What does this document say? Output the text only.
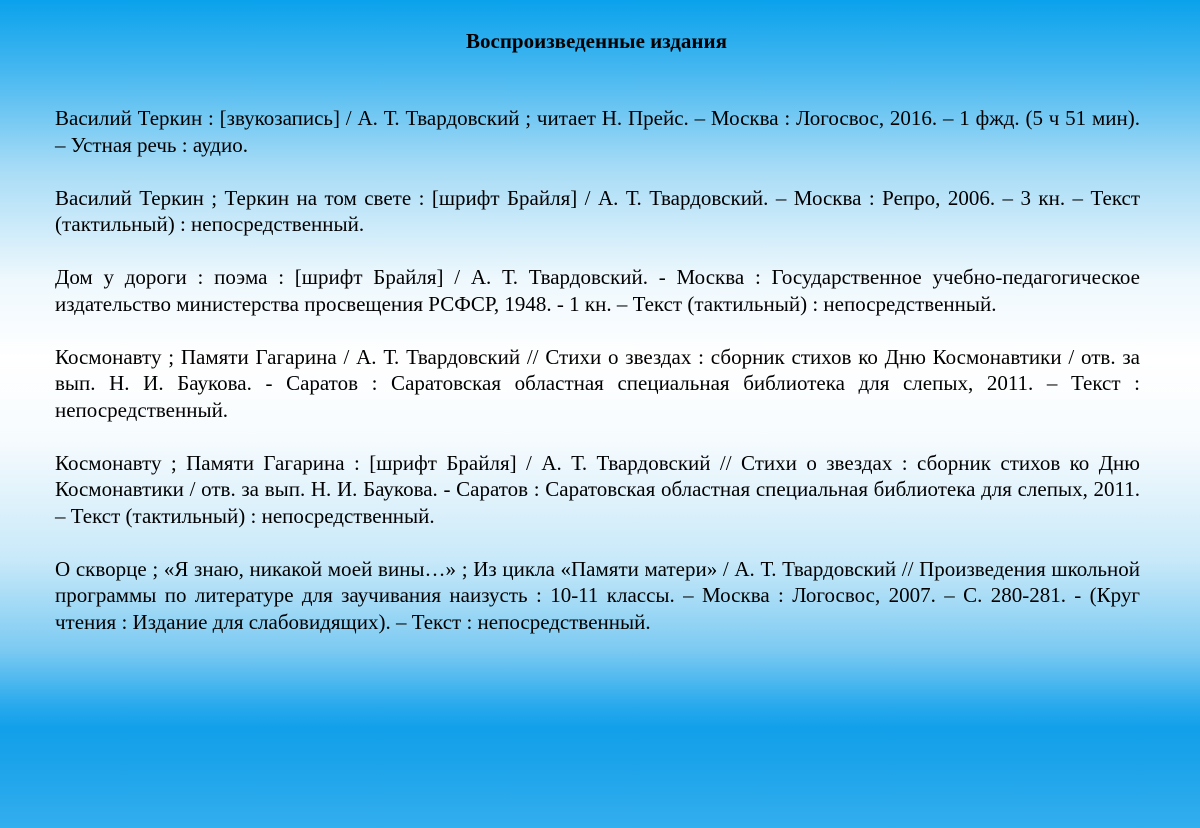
Воспроизведенные издания

Василий Теркин : [звукозапись] / А. Т. Твардовский ; читает Н. Прейс. – Москва : Логосвос, 2016. – 1 фжд. (5 ч 51 мин). – Устная речь : аудио.

Василий Теркин ; Теркин на том свете : [шрифт Брайля] / А. Т. Твардовский. – Москва : Репро, 2006. – 3 кн. – Текст (тактильный) : непосредственный.

Дом у дороги : поэма : [шрифт Брайля] / А. Т. Твардовский. - Москва : Государственное учебно-педагогическое издательство министерства просвещения РСФСР, 1948. - 1 кн. – Текст (тактильный) : непосредственный.

Космонавту ; Памяти Гагарина / А. Т. Твардовский // Стихи о звездах : сборник стихов ко Дню Космонавтики / отв. за вып. Н. И. Баукова. - Саратов : Саратовская областная специальная библиотека для слепых, 2011. – Текст : непосредственный.

Космонавту ; Памяти Гагарина : [шрифт Брайля] / А. Т. Твардовский // Стихи о звездах : сборник стихов ко Дню Космонавтики / отв. за вып. Н. И. Баукова. - Саратов : Саратовская областная специальная библиотека для слепых, 2011. – Текст (тактильный) : непосредственный.

О скворце ; «Я знаю, никакой моей вины…» ; Из цикла «Памяти матери» / А. Т. Твардовский // Произведения школьной программы по литературе для заучивания наизусть : 10-11 классы. – Москва : Логосвос, 2007. – С. 280-281. - (Круг чтения : Издание для слабовидящих). – Текст : непосредственный.
